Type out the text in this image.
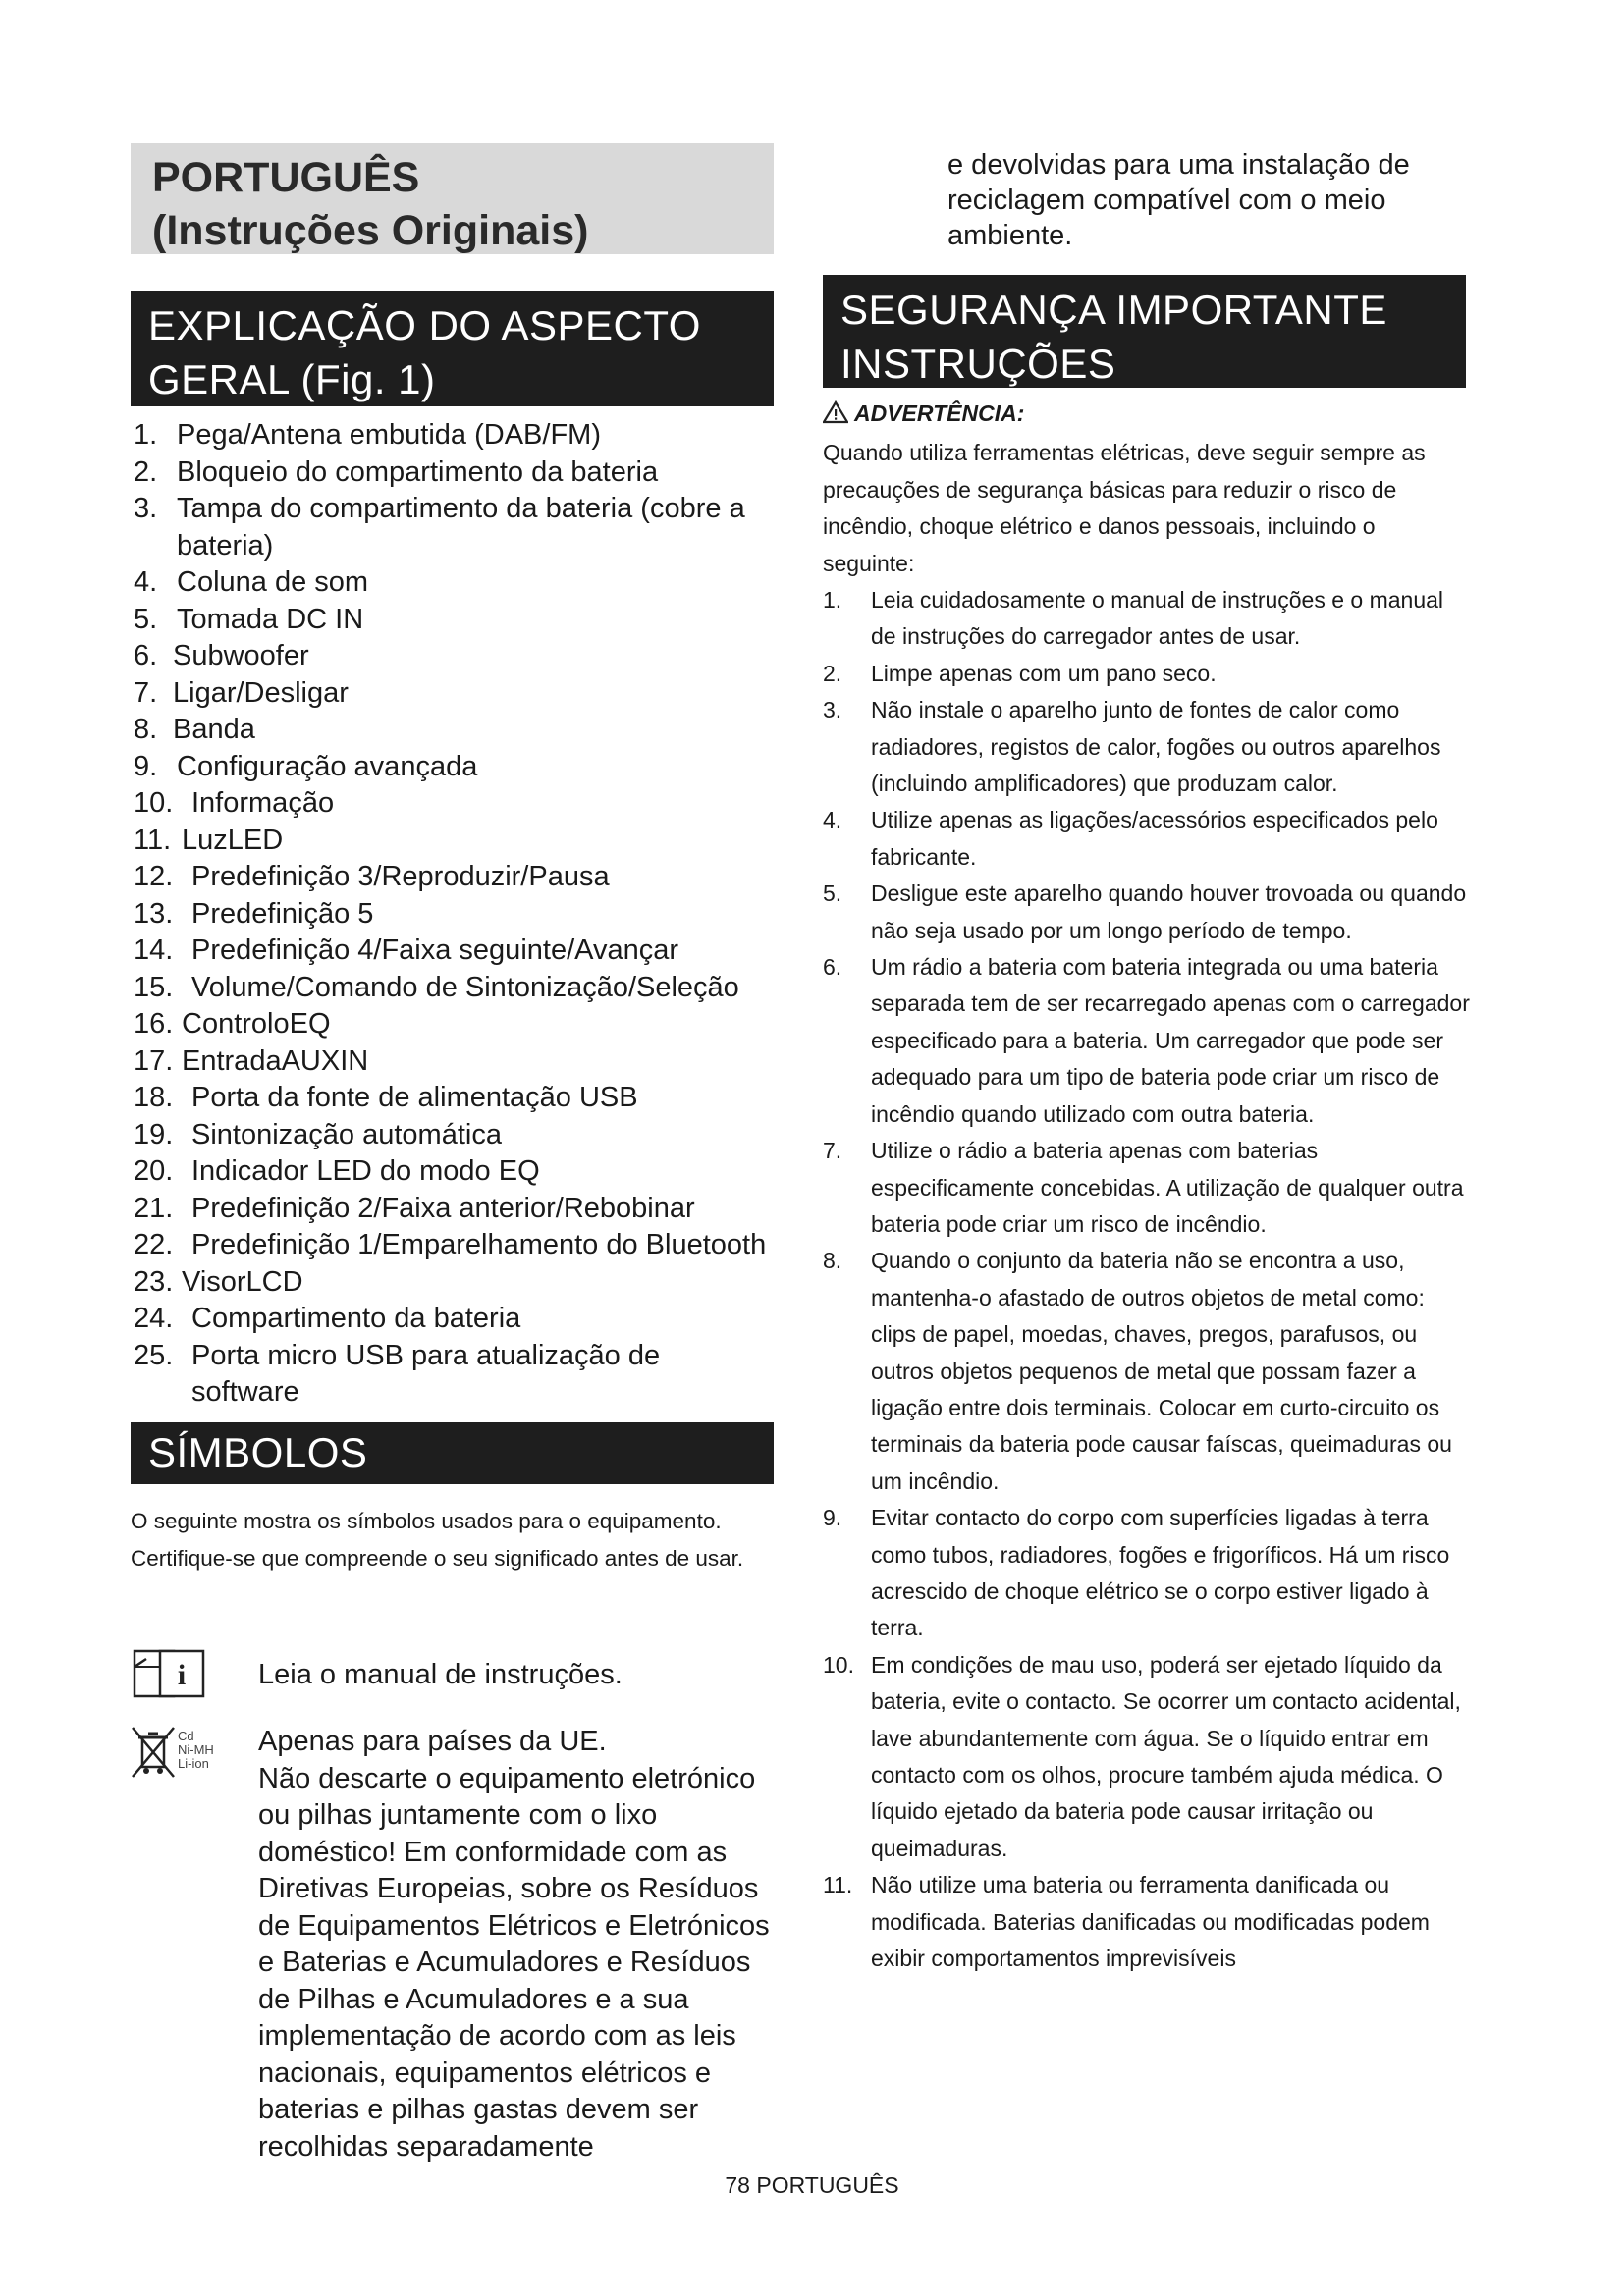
PORTUGUÊS
(Instruções Originais)
EXPLICAÇÃO DO ASPECTO
GERAL (Fig. 1)
1. Pega/Antena embutida (DAB/FM)
2. Bloqueio do compartimento da bateria
3. Tampa do compartimento da bateria (cobre a bateria)
4. Coluna de som
5. Tomada DC IN
6. Subwoofer
7. Ligar/Desligar
8. Banda
9. Configuração avançada
10. Informação
11. LuzLED
12. Predefinição 3/Reproduzir/Pausa
13. Predefinição 5
14. Predefinição 4/Faixa seguinte/Avançar
15. Volume/Comando de Sintonização/Seleção
16. ControloEQ
17. EntradaAUXIN
18. Porta da fonte de alimentação USB
19. Sintonização automática
20. Indicador LED do modo EQ
21. Predefinição 2/Faixa anterior/Rebobinar
22. Predefinição 1/Emparelhamento do Bluetooth
23. VisorLCD
24. Compartimento da bateria
25. Porta micro USB para atualização de software
SÍMBOLOS
O seguinte mostra os símbolos usados para o equipamento. Certifique-se que compreende o seu significado antes de usar.
i	Leia o manual de instruções.
Cd
Ni-MH
Li-ion
Apenas para países da UE.
Não descarte o equipamento eletrónico ou pilhas juntamente com o lixo doméstico! Em conformidade com as Diretivas Europeias, sobre os Resíduos de Equipamentos Elétricos e Eletrónicos e Baterias e Acumuladores e Resíduos de Pilhas e Acumuladores e a sua implementação de acordo com as leis nacionais, equipamentos elétricos e baterias e pilhas gastas devem ser recolhidas separadamente
e devolvidas para uma instalação de reciclagem compatível com o meio ambiente.
SEGURANÇA IMPORTANTE
INSTRUÇÕES
ADVERTÊNCIA:
Quando utiliza ferramentas elétricas, deve seguir sempre as precauções de segurança básicas para reduzir o risco de incêndio, choque elétrico e danos pessoais, incluindo o seguinte:
1. Leia cuidadosamente o manual de instruções e o manual de instruções do carregador antes de usar.
2. Limpe apenas com um pano seco.
3. Não instale o aparelho junto de fontes de calor como radiadores, registos de calor, fogões ou outros aparelhos (incluindo amplificadores) que produzam calor.
4. Utilize apenas as ligações/acessórios especificados pelo fabricante.
5. Desligue este aparelho quando houver trovoada ou quando não seja usado por um longo período de tempo.
6. Um rádio a bateria com bateria integrada ou uma bateria separada tem de ser recarregado apenas com o carregador especificado para a bateria. Um carregador que pode ser adequado para um tipo de bateria pode criar um risco de incêndio quando utilizado com outra bateria.
7. Utilize o rádio a bateria apenas com baterias especificamente concebidas. A utilização de qualquer outra bateria pode criar um risco de incêndio.
8. Quando o conjunto da bateria não se encontra a uso, mantenha-o afastado de outros objetos de metal como: clips de papel, moedas, chaves, pregos, parafusos, ou outros objetos pequenos de metal que possam fazer a ligação entre dois terminais. Colocar em curto-circuito os terminais da bateria pode causar faíscas, queimaduras ou um incêndio.
9. Evitar contacto do corpo com superfícies ligadas à terra como tubos, radiadores, fogões e frigoríficos. Há um risco acrescido de choque elétrico se o corpo estiver ligado à terra.
10. Em condições de mau uso, poderá ser ejetado líquido da bateria, evite o contacto. Se ocorrer um contacto acidental, lave abundantemente com água. Se o líquido entrar em contacto com os olhos, procure também ajuda médica. O líquido ejetado da bateria pode causar irritação ou queimaduras.
11. Não utilize uma bateria ou ferramenta danificada ou modificada. Baterias danificadas ou modificadas podem exibir comportamentos imprevisíveis
78 PORTUGUÊS
